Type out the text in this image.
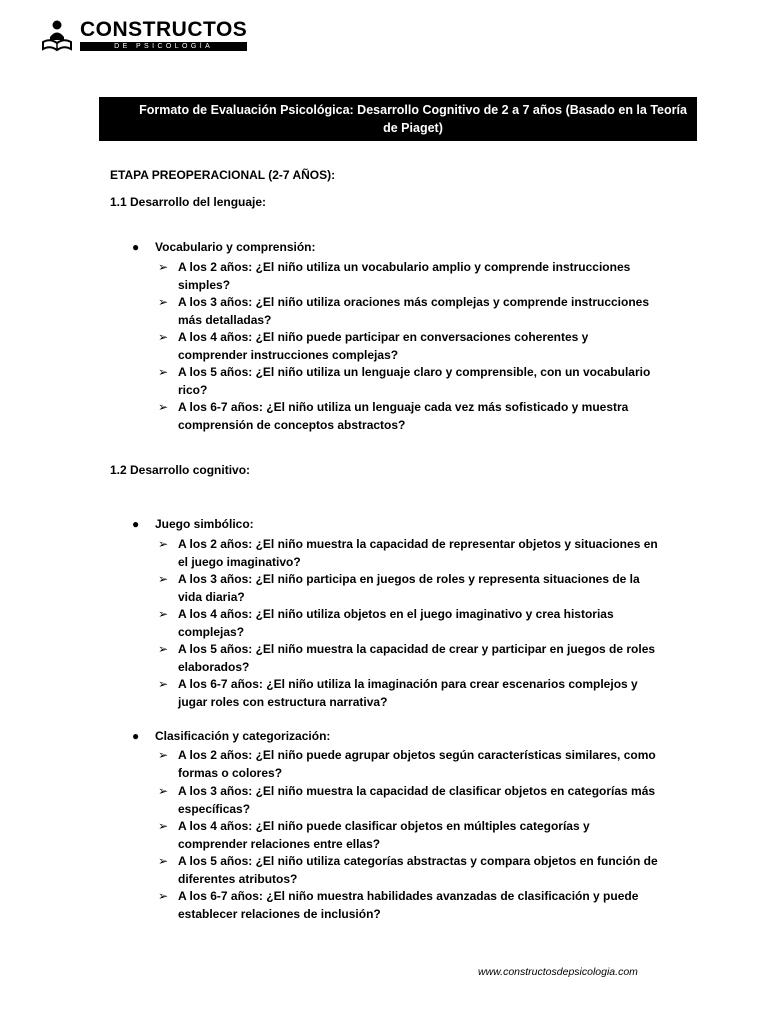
CONSTRUCTOS
DE PSICOLOGÍA
Formato de Evaluación Psicológica: Desarrollo Cognitivo de 2 a 7 años (Basado en la Teoría de Piaget)
ETAPA PREOPERACIONAL (2-7 AÑOS):
1.1 Desarrollo del lenguaje:
●	Vocabulario y comprensión:
➢ A los 2 años: ¿El niño utiliza un vocabulario amplio y comprende instrucciones simples?
➢ A los 3 años: ¿El niño utiliza oraciones más complejas y comprende instrucciones más detalladas?
➢ A los 4 años: ¿El niño puede participar en conversaciones coherentes y comprender instrucciones complejas?
➢ A los 5 años: ¿El niño utiliza un lenguaje claro y comprensible, con un vocabulario rico?
➢ A los 6-7 años: ¿El niño utiliza un lenguaje cada vez más sofisticado y muestra comprensión de conceptos abstractos?
1.2 Desarrollo cognitivo:
●	Juego simbólico:
➢ A los 2 años: ¿El niño muestra la capacidad de representar objetos y situaciones en el juego imaginativo?
➢ A los 3 años: ¿El niño participa en juegos de roles y representa situaciones de la vida diaria?
➢ A los 4 años: ¿El niño utiliza objetos en el juego imaginativo y crea historias complejas?
➢ A los 5 años: ¿El niño muestra la capacidad de crear y participar en juegos de roles elaborados?
➢ A los 6-7 años: ¿El niño utiliza la imaginación para crear escenarios complejos y jugar roles con estructura narrativa?
●	Clasificación y categorización:
➢ A los 2 años: ¿El niño puede agrupar objetos según características similares, como formas o colores?
➢ A los 3 años: ¿El niño muestra la capacidad de clasificar objetos en categorías más específicas?
➢ A los 4 años: ¿El niño puede clasificar objetos en múltiples categorías y comprender relaciones entre ellas?
➢ A los 5 años: ¿El niño utiliza categorías abstractas y compara objetos en función de diferentes atributos?
➢ A los 6-7 años: ¿El niño muestra habilidades avanzadas de clasificación y puede establecer relaciones de inclusión?
www.constructosdepsicologia.com
